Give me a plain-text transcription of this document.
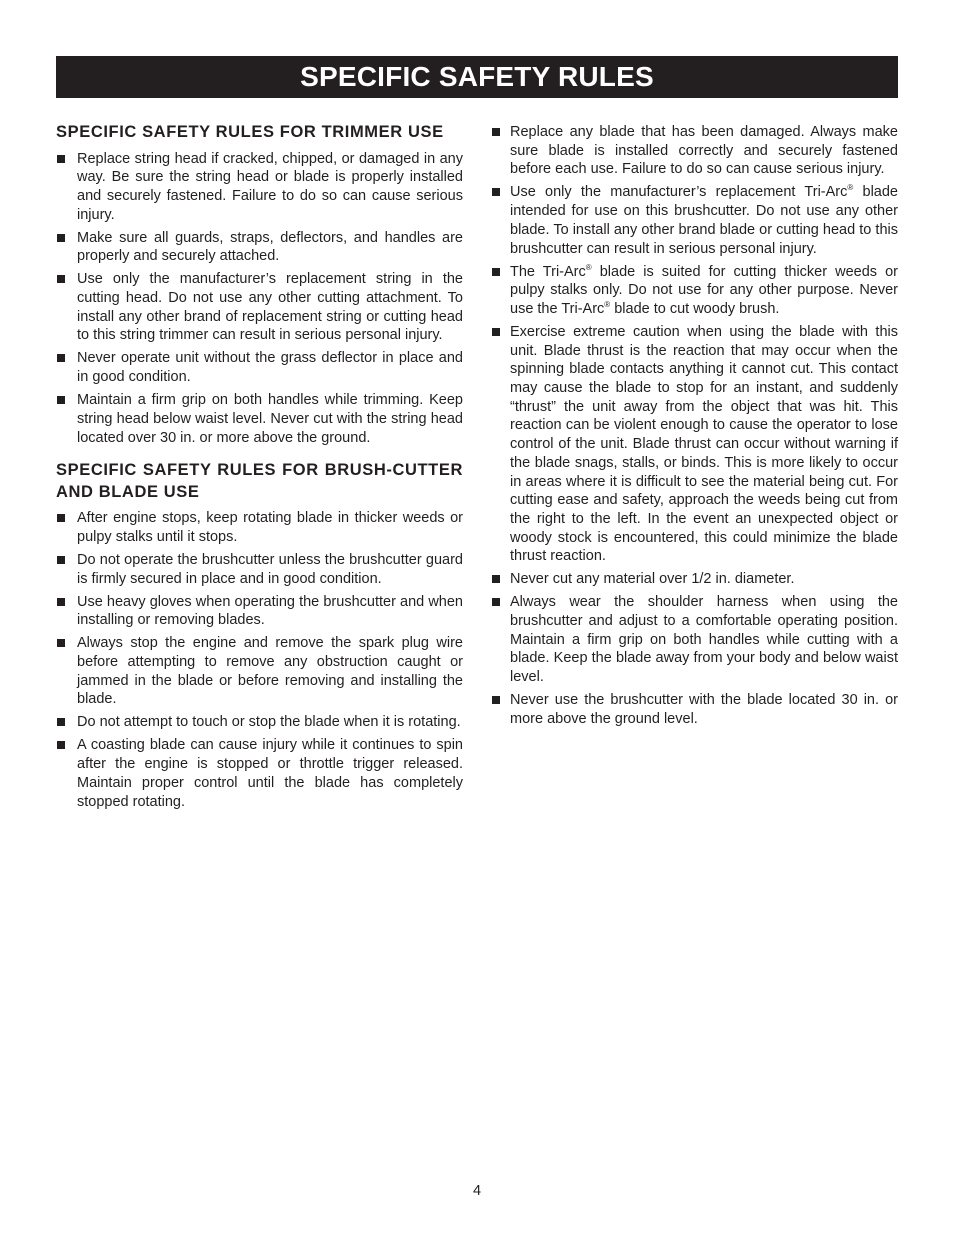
SPECIFIC SAFETY RULES
SPECIFIC SAFETY RULES FOR TRIMMER USE
Replace string head if cracked, chipped, or damaged in any way. Be sure the string head or blade is properly installed and securely fastened. Failure to do so can cause serious injury.
Make sure all guards, straps, deflectors, and handles are properly and securely attached.
Use only the manufacturer’s replacement string in the cutting head. Do not use any other cutting attachment. To install any other brand of replacement string or cutting head to this string trimmer can result in serious personal injury.
Never operate unit without the grass deflector in place and in good condition.
Maintain a firm grip on both handles while trimming. Keep string head below waist level. Never cut with the string head located over 30 in. or more above the ground.
SPECIFIC SAFETY RULES FOR BRUSH-CUTTER AND BLADE USE
After engine stops, keep rotating blade in thicker weeds or pulpy stalks until it stops.
Do not operate the brushcutter unless the brushcutter guard is firmly secured in place and in good condition.
Use heavy gloves when operating the brushcutter and when installing or removing blades.
Always stop the engine and remove the spark plug wire before attempting to remove any obstruction caught or jammed in the blade or before removing and installing the blade.
Do not attempt to touch or stop the blade when it is rotating.
A coasting blade can cause injury while it continues to spin after the engine is stopped or throttle trigger released. Maintain proper control until the blade has completely stopped rotating.
Replace any blade that has been damaged. Always make sure blade is installed correctly and securely fastened before each use. Failure to do so can cause serious injury.
Use only the manufacturer’s replacement Tri-Arc® blade intended for use on this brushcutter. Do not use any other blade. To install any other brand blade or cutting head to this brushcutter can result in serious personal injury.
The Tri-Arc® blade is suited for cutting thicker weeds or pulpy stalks only. Do not use for any other purpose. Never use the Tri-Arc® blade to cut woody brush.
Exercise extreme caution when using the blade with this unit. Blade thrust is the reaction that may occur when the spinning blade contacts anything it cannot cut. This contact may cause the blade to stop for an instant, and suddenly “thrust” the unit away from the object that was hit. This reaction can be violent enough to cause the operator to lose control of the unit. Blade thrust can occur without warning if the blade snags, stalls, or binds. This is more likely to occur in areas where it is difficult to see the material being cut. For cutting ease and safety, approach the weeds being cut from the right to the left. In the event an unexpected object or woody stock is encountered, this could minimize the blade thrust reaction.
Never cut any material over 1/2 in. diameter.
Always wear the shoulder harness when using the brushcutter and adjust to a comfortable operating position. Maintain a firm grip on both handles while cutting with a blade. Keep the blade away from your body and below waist level.
Never use the brushcutter with the blade located 30 in. or more above the ground level.
4
